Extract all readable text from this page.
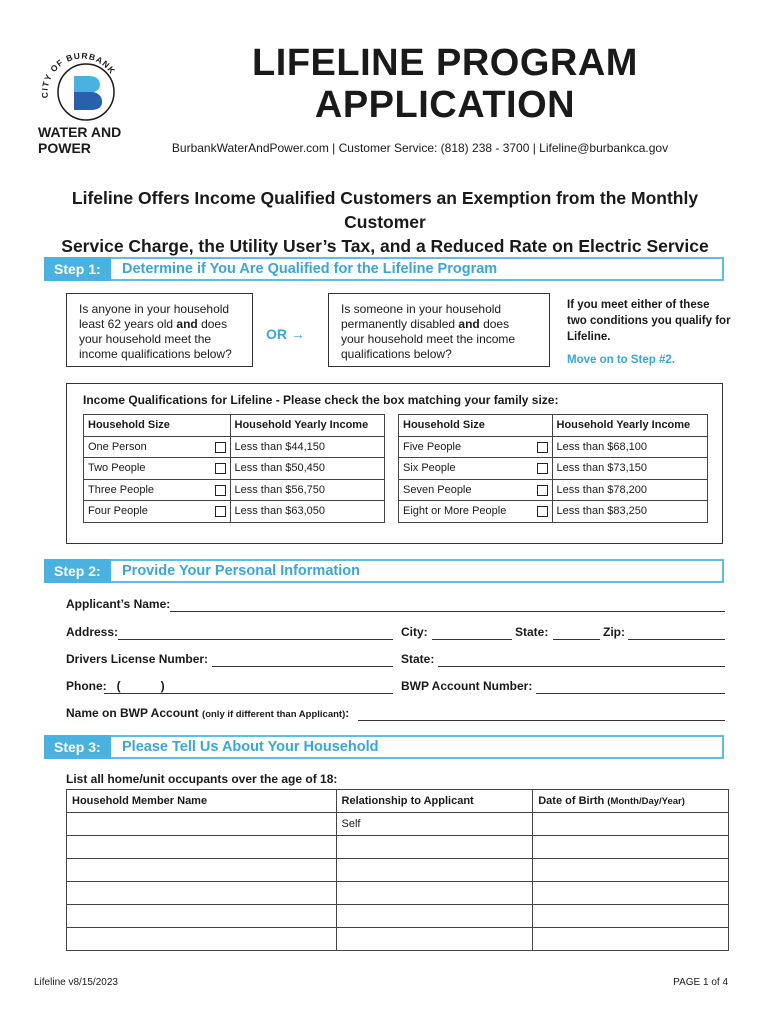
CITY OF BURBANK
WATER AND
POWER
LIFELINE PROGRAM
APPLICATION
BurbankWaterAndPower.com | Customer Service: (818) 238 - 3700 | Lifeline@burbankca.gov
Lifeline Offers Income Qualified Customers an Exemption from the Monthly Customer
Service Charge, the Utility User’s Tax, and a Reduced Rate on Electric Service
Step 1:	Determine if You Are Qualified for the Lifeline Program
Is anyone in your household
least 62 years old and does
your household meet the
income qualifications below?
OR →
Is someone in your household
permanently disabled and does
your household meet the income
qualifications below?
If you meet either of these two conditions you qualify for Lifeline.
Move on to Step #2.
Income Qualifications for Lifeline - Please check the box matching your family size:
Household Size	Household Yearly Income
One Person	Less than $44,150
Two People	Less than $50,450
Three People	Less than $56,750
Four People	Less than $63,050
Household Size	Household Yearly Income
Five People	Less than $68,100
Six People	Less than $73,150
Seven People	Less than $78,200
Eight or More People	Less than $83,250
Step 2:	Provide Your Personal Information
Applicant’s Name:
Address:	City:	State:	Zip:
Drivers License Number:	State:
Phone:   (            )	BWP Account Number:
Name on BWP Account (only if different than Applicant):
Step 3:	Please Tell Us About Your Household
List all home/unit occupants over the age of 18:
Household Member Name	Relationship to Applicant	Date of Birth (Month/Day/Year)
	Self	

Lifeline v8/15/2023	PAGE 1 of 4
